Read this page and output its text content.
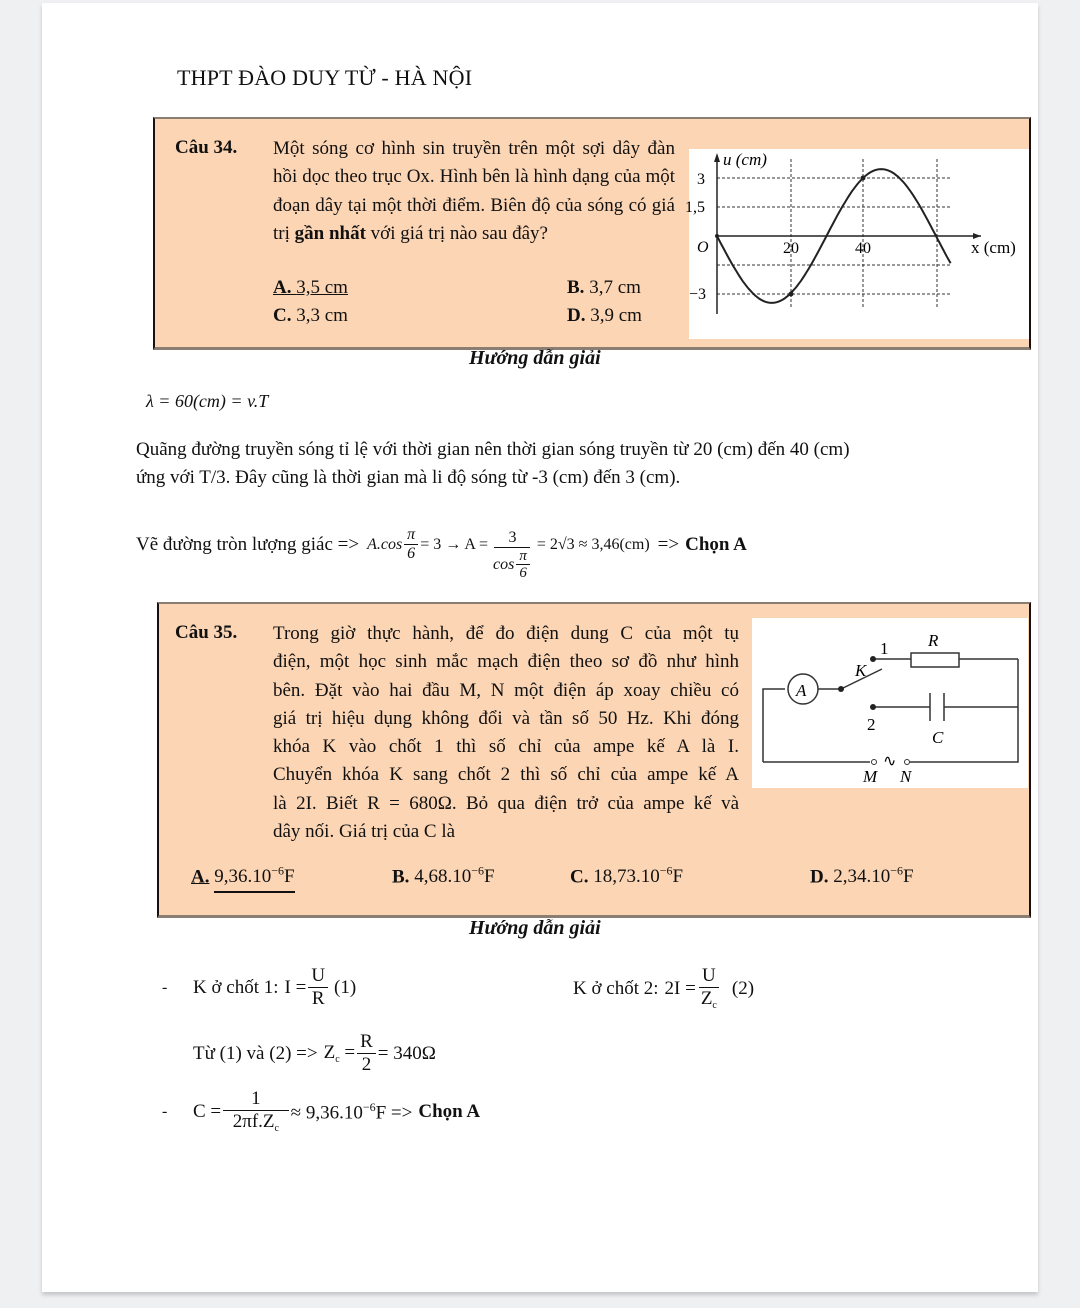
THPT ĐÀO DUY TỪ - HÀ NỘI
Câu 34. Một sóng cơ hình sin truyền trên một sợi dây đàn hồi dọc theo trục Ox. Hình bên là hình dạng của một đoạn dây tại một thời điểm. Biên độ của sóng có giá trị gần nhất với giá trị nào sau đây?
A. 3,5 cm	B. 3,7 cm
C. 3,3 cm	D. 3,9 cm
u (cm)
3
1,5
−3
O	20	40	x (cm)
Hướng dẫn giải
λ = 60(cm) = v.T
Quãng đường truyền sóng tỉ lệ với thời gian nên thời gian sóng truyền từ 20 (cm) đến 40 (cm)
ứng với T/3. Đây cũng là thời gian mà li độ sóng từ -3 (cm) đến 3 (cm).
Vẽ đường tròn lượng giác => $A.\cos \frac{\pi}{6} = 3 \to A = \frac{3}{\cos \frac{\pi}{6}} = 2√3 \approx 3,46(cm)$ => Chọn A
Câu 35. Trong giờ thực hành, để đo điện dung C của một tụ
điện, một học sinh mắc mạch điện theo sơ đồ như hình
bên. Đặt vào hai đầu M, N một điện áp xoay chiều có
giá trị hiệu dụng không đổi và tần số 50 Hz. Khi đóng
khóa K vào chốt 1 thì số chỉ của ampe kế A là I.
Chuyển khóa K sang chốt 2 thì số chỉ của ampe kế A
là 2I. Biết R = 680Ω. Bỏ qua điện trở của ampe kế và
dây nối. Giá trị của C là
A. $9,36.10^{-6}F$	B. $4,68.10^{-6}F$	C. $18,73.10^{-6}F$	D. $2,34.10^{-6}F$
A
K
1
2
R
C
∿
M N
Hướng dẫn giải
-	K ở chốt 1: $I = \frac{U}{R} (1)$	K ở chốt 2: $2I = \frac{U}{Z_c} (2)$
Từ (1) và $(2) => Z_c = \frac{R}{2} = 340\Omega$
-	$C = \frac{1}{2\pi f.Z_c} \approx 9,36.10^{-6}F$ => Chọn A
